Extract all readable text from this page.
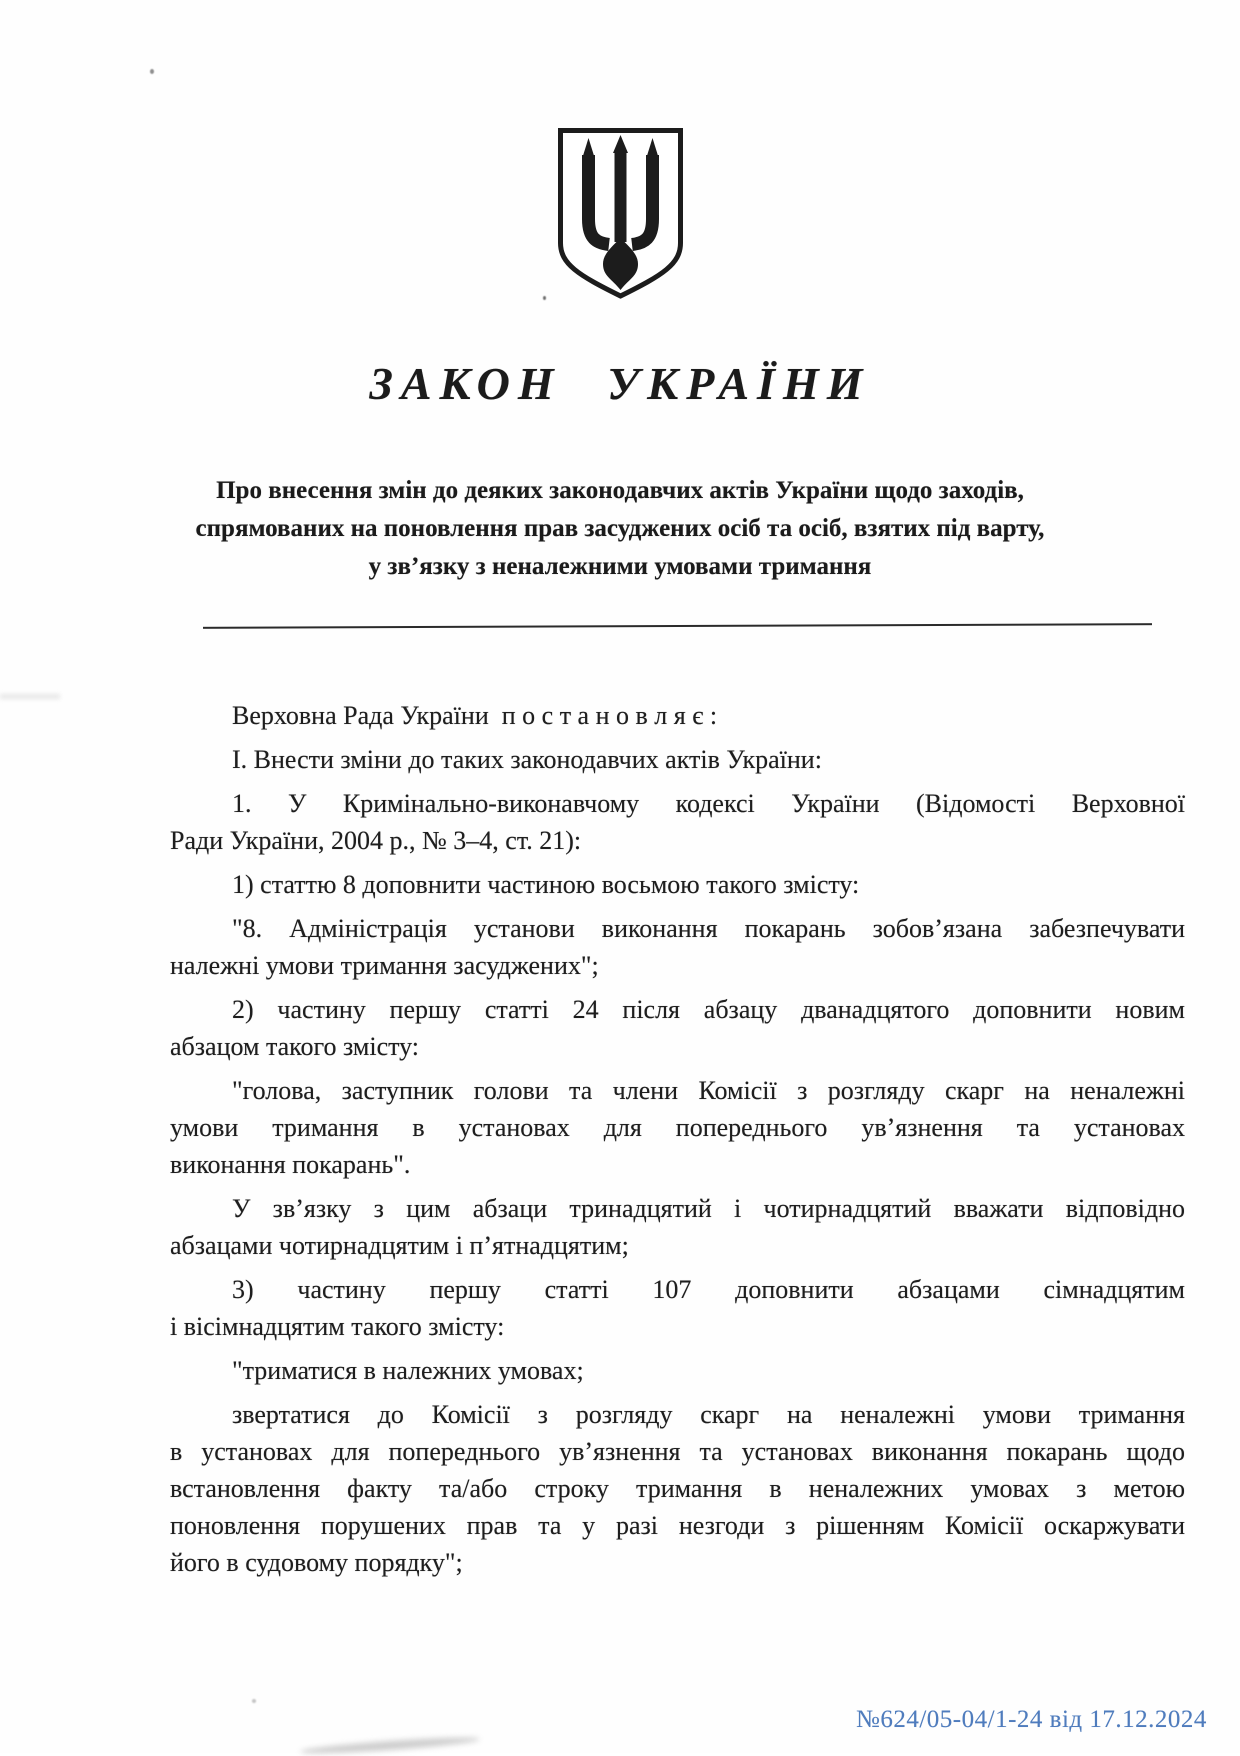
ЗАКОН УКРАЇНИ
Про внесення змін до деяких законодавчих актів України щодо заходів,
спрямованих на поновлення прав засуджених осіб та осіб, взятих під варту,
у зв’язку з неналежними умовами тримання
Верховна Рада України  п о с т а н о в л я є :
І. Внести зміни до таких законодавчих актів України:
1. У Кримінально-виконавчому кодексі України (Відомості Верховної
Ради України, 2004 р., № 3–4, ст. 21):
1) статтю 8 доповнити частиною восьмою такого змісту:
"8. Адміністрація установи виконання покарань зобов’язана забезпечувати
належні умови тримання засуджених";
2) частину першу статті 24 після абзацу дванадцятого доповнити новим
абзацом такого змісту:
"голова, заступник голови та члени Комісії з розгляду скарг на неналежні
умови тримання в установах для попереднього ув’язнення та установах
виконання покарань".
У зв’язку з цим абзаци тринадцятий і чотирнадцятий вважати відповідно
абзацами чотирнадцятим і п’ятнадцятим;
3) частину першу статті 107 доповнити абзацами сімнадцятим
і вісімнадцятим такого змісту:
"триматися в належних умовах;
звертатися до Комісії з розгляду скарг на неналежні умови тримання
в установах для попереднього ув’язнення та установах виконання покарань щодо
встановлення факту та/або строку тримання в неналежних умовах з метою
поновлення порушених прав та у разі незгоди з рішенням Комісії оскаржувати
його в судовому порядку";
№624/05-04/1-24 від 17.12.2024
